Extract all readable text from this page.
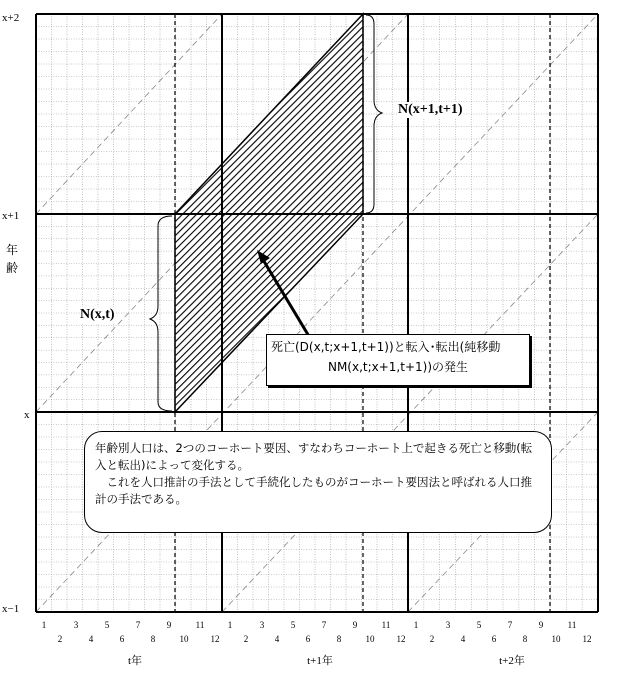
x+2
x+1
x
x−1
年
齢
1
2
3
4
5
6
7
8
9
10
11
12
1
2
3
4
5
6
7
8
9
10
11
12
1
2
3
4
5
6
7
8
9
10
11
12
t年	t+1年	t+2年
N(x+1,t+1)
N(x,t)
死亡(D(x,t;x+1,t+1))と転入･転出(純移動
NM(x,t;x+1,t+1))の発生
年齢別人口は、2つのコーホート要因、すなわちコーホート上で起きる死亡と移動(転
入と転出)によって変化する。
　これを人口推計の手法として手続化したものがコーホート要因法と呼ばれる人口推
計の手法である。
